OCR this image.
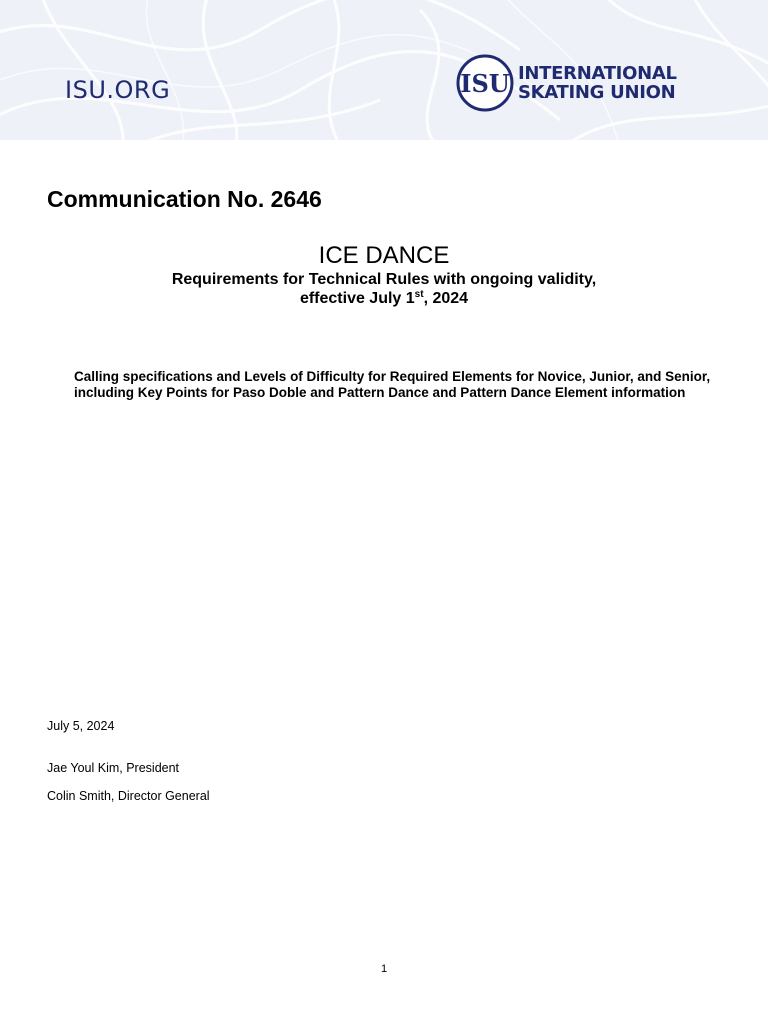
ISU.ORG	ISU INTERNATIONAL
SKATING UNION
Communication No. 2646
ICE DANCE
Requirements for Technical Rules with ongoing validity,
effective July 1st, 2024
Calling specifications and Levels of Difficulty for Required Elements for Novice, Junior, and Senior, including Key Points for Paso Doble and Pattern Dance and Pattern Dance Element information
July 5, 2024
Jae Youl Kim, President
Colin Smith, Director General
1
